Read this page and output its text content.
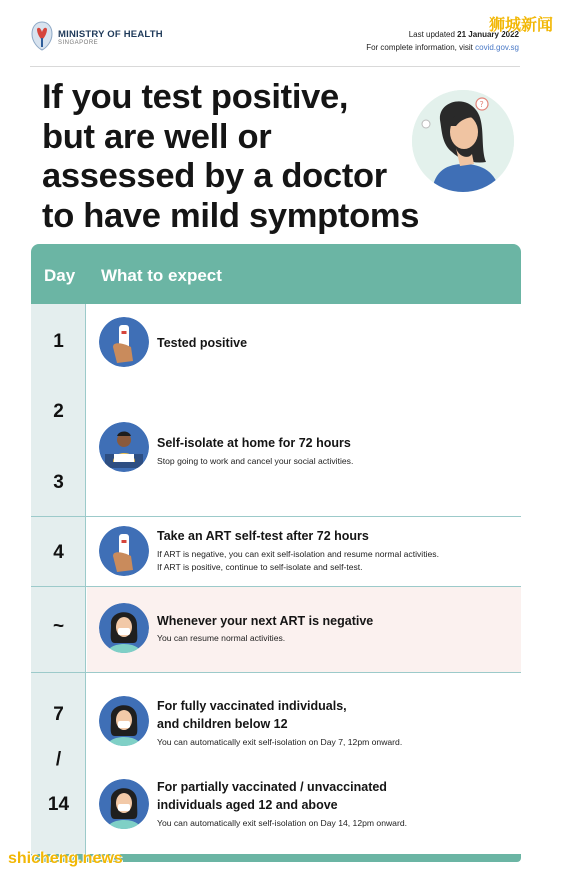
MINISTRY OF HEALTH
SINGAPORE
Last updated 21 January 2022
For complete information, visit covid.gov.sg
狮城新闻
If you test positive,
but are well or
assessed by a doctor
to have mild symptoms
?
Day What to expect
1
2
3
4
~
7
/
14
Tested positive
Self-isolate at home for 72 hours
Stop going to work and cancel your social activities.
Take an ART self-test after 72 hours
If ART is negative, you can exit self-isolation and resume normal activities.
If ART is positive, continue to self-isolate and self-test.
Whenever your next ART is negative
You can resume normal activities.
For fully vaccinated individuals,
and children below 12
You can automatically exit self-isolation on Day 7, 12pm onward.
For partially vaccinated / unvaccinated
individuals aged 12 and above
You can automatically exit self-isolation on Day 14, 12pm onward.
shicheng.news
